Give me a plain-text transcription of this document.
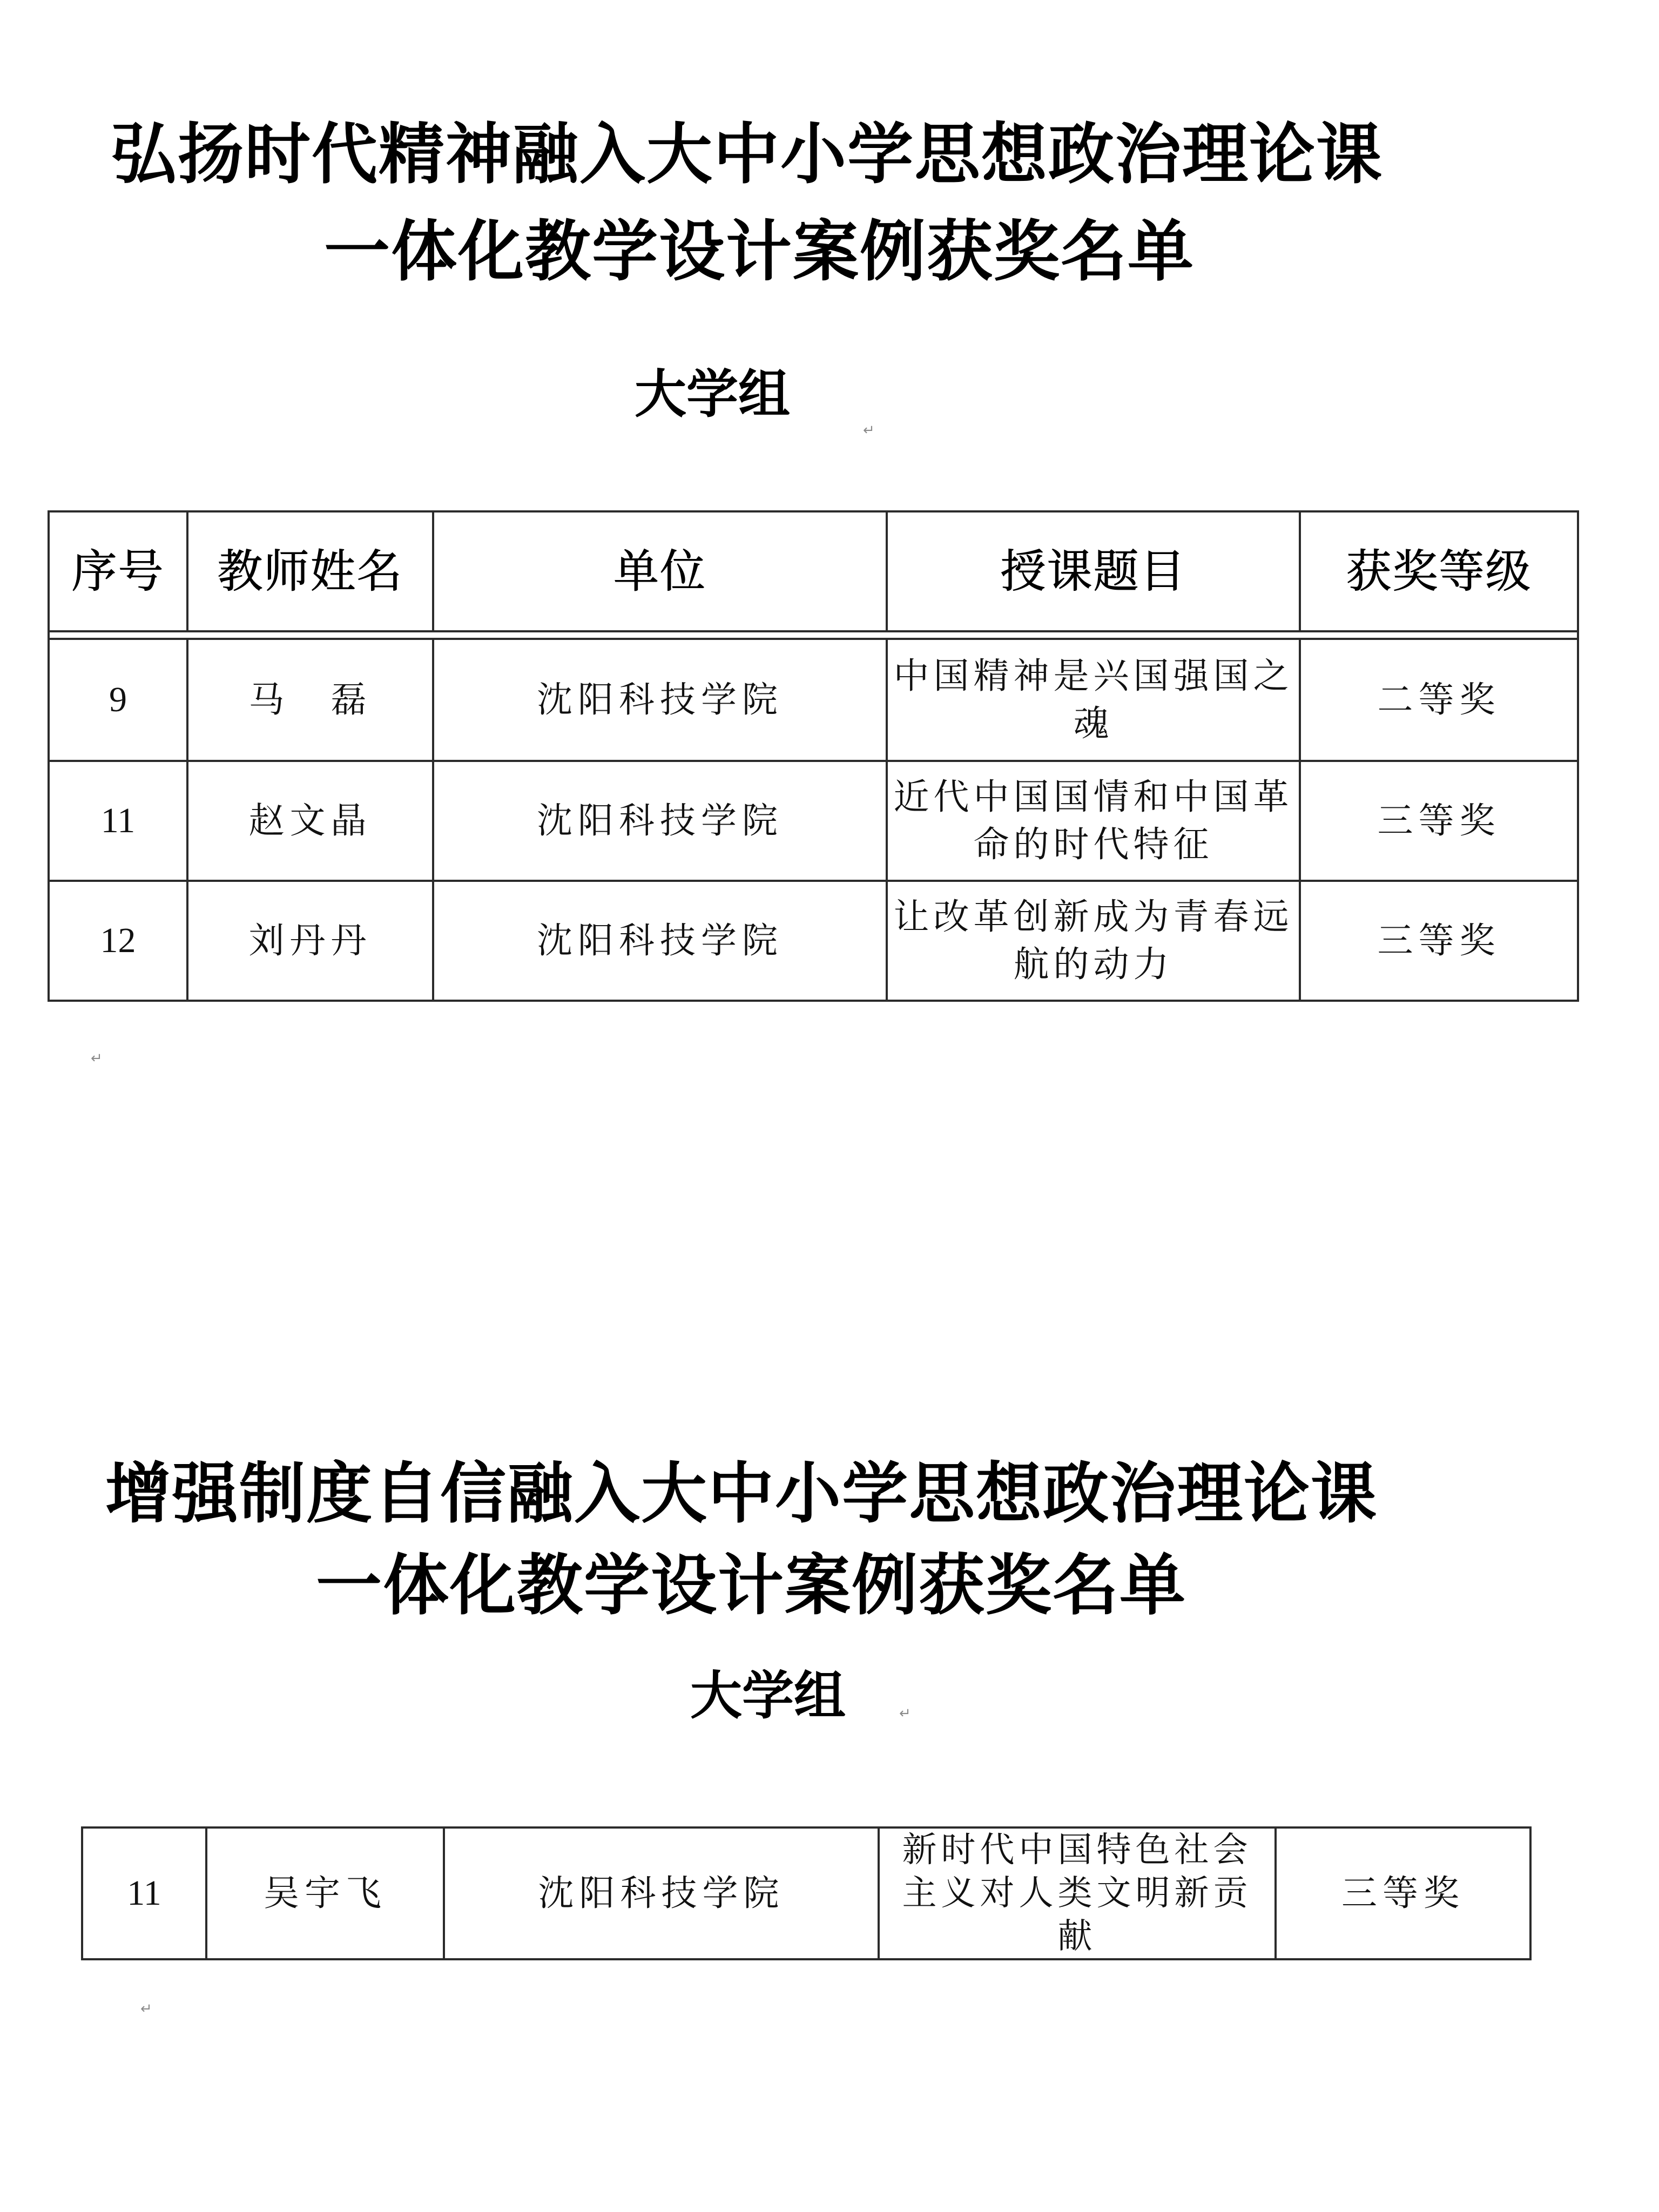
弘扬时代精神融入大中小学思想政治理论课
一体化教学设计案例获奖名单
大学组
↵
序号	教师姓名	单位	授课题目	获奖等级

9	马　磊	沈阳科技学院	中国精神是兴国强国之魂	二等奖
11	赵文晶	沈阳科技学院	近代中国国情和中国革命的时代特征	三等奖
12	刘丹丹	沈阳科技学院	让改革创新成为青春远航的动力	三等奖
↵
增强制度自信融入大中小学思想政治理论课
一体化教学设计案例获奖名单
大学组	↵
11	吴宇飞	沈阳科技学院	新时代中国特色社会主义对人类文明新贡献	三等奖
↵
